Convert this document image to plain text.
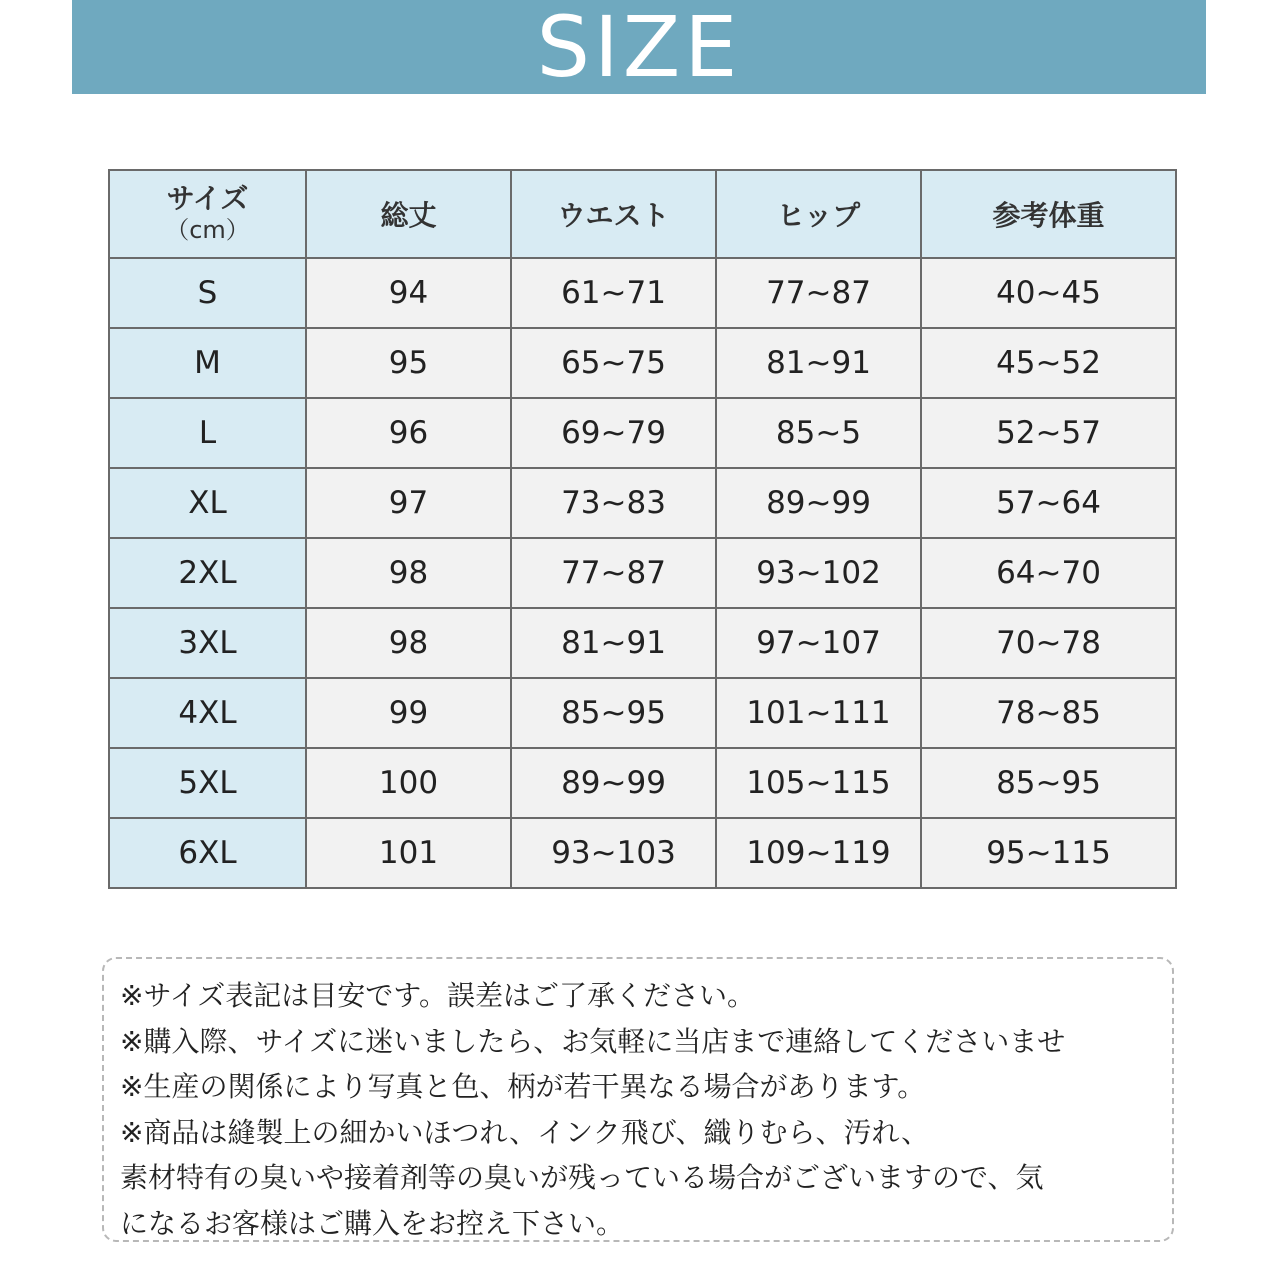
SIZE
サイズ
（cm）	総丈	ウエスト	ヒップ	参考体重
S	94	61~71	77~87	40~45
M	95	65~75	81~91	45~52
L	96	69~79	85~5	52~57
XL	97	73~83	89~99	57~64
2XL	98	77~87	93~102	64~70
3XL	98	81~91	97~107	70~78
4XL	99	85~95	101~111	78~85
5XL	100	89~99	105~115	85~95
6XL	101	93~103	109~119	95~115
※サイズ表記は目安です。誤差はご了承ください。
※購入際、サイズに迷いましたら、お気軽に当店まで連絡してくださいませ
※生産の関係により写真と色、柄が若干異なる場合があります。
※商品は縫製上の細かいほつれ、インク飛び、織りむら、汚れ、
素材特有の臭いや接着剤等の臭いが残っている場合がございますので、気
になるお客様はご購入をお控え下さい。
